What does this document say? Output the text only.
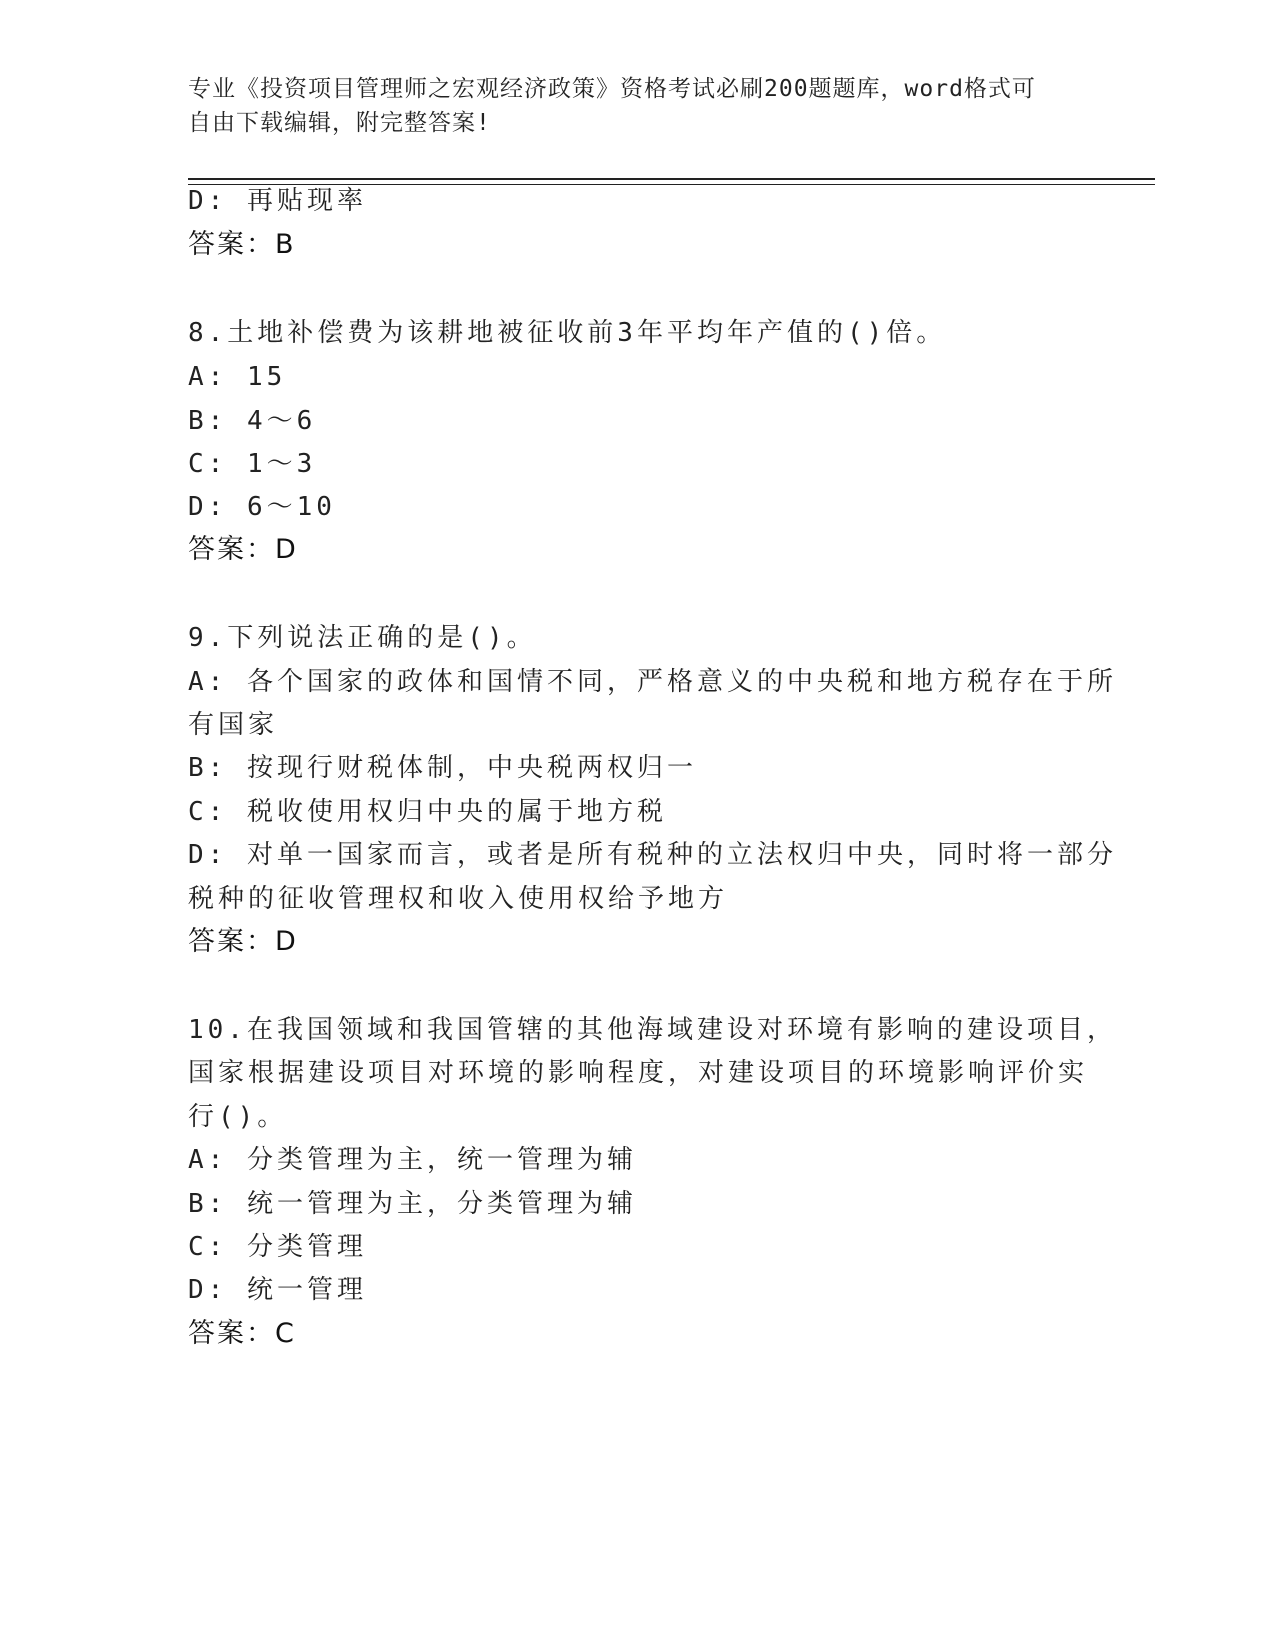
专业《投资项目管理师之宏观经济政策》资格考试必刷200题题库，word格式可
自由下载编辑，附完整答案!
D: 再贴现率
答案：B
8.土地补偿费为该耕地被征收前3年平均年产值的()倍。
A: 15
B: 4～6
C: 1～3
D: 6～10
答案：D
9.下列说法正确的是()。
A: 各个国家的政体和国情不同，严格意义的中央税和地方税存在于所
有国家
B: 按现行财税体制，中央税两权归一
C: 税收使用权归中央的属于地方税
D: 对单一国家而言，或者是所有税种的立法权归中央，同时将一部分
税种的征收管理权和收入使用权给予地方
答案：D
10.在我国领域和我国管辖的其他海域建设对环境有影响的建设项目，
国家根据建设项目对环境的影响程度，对建设项目的环境影响评价实
行()。
A: 分类管理为主，统一管理为辅
B: 统一管理为主，分类管理为辅
C: 分类管理
D: 统一管理
答案：C
